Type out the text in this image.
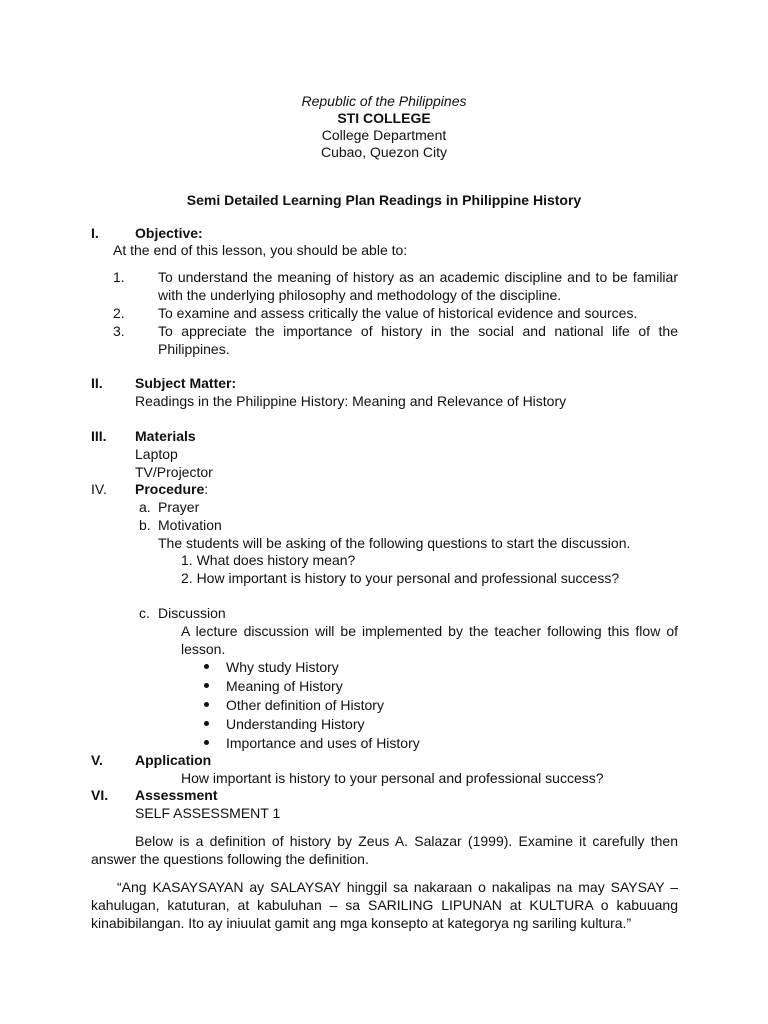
Republic of the Philippines
STI COLLEGE
College Department
Cubao, Quezon City
Semi Detailed Learning Plan Readings in Philippine History
I.	Objective:
At the end of this lesson, you should be able to:
1. To understand the meaning of history as an academic discipline and to be familiar with the underlying philosophy and methodology of the discipline.
2. To examine and assess critically the value of historical evidence and sources.
3. To appreciate the importance of history in the social and national life of the Philippines.
II. Subject Matter:
Readings in the Philippine History: Meaning and Relevance of History
III. Materials
Laptop
TV/Projector
IV. Procedure:
a. Prayer
b. Motivation
The students will be asking of the following questions to start the discussion.
1. What does history mean?
2. How important is history to your personal and professional success?
c. Discussion
A lecture discussion will be implemented by the teacher following this flow of lesson.
Why study History
Meaning of History
Other definition of History
Understanding History
Importance and uses of History
V. Application
How important is history to your personal and professional success?
VI. Assessment
SELF ASSESSMENT 1
Below is a definition of history by Zeus A. Salazar (1999). Examine it carefully then answer the questions following the definition.
“Ang KASAYSAYAN ay SALAYSAY hinggil sa nakaraan o nakalipas na may SAYSAY – kahulugan, katuturan, at kabuluhan – sa SARILING LIPUNAN at KULTURA o kabuuang kinabibilangan. Ito ay iniuulat gamit ang mga konsepto at kategorya ng sariling kultura.”
